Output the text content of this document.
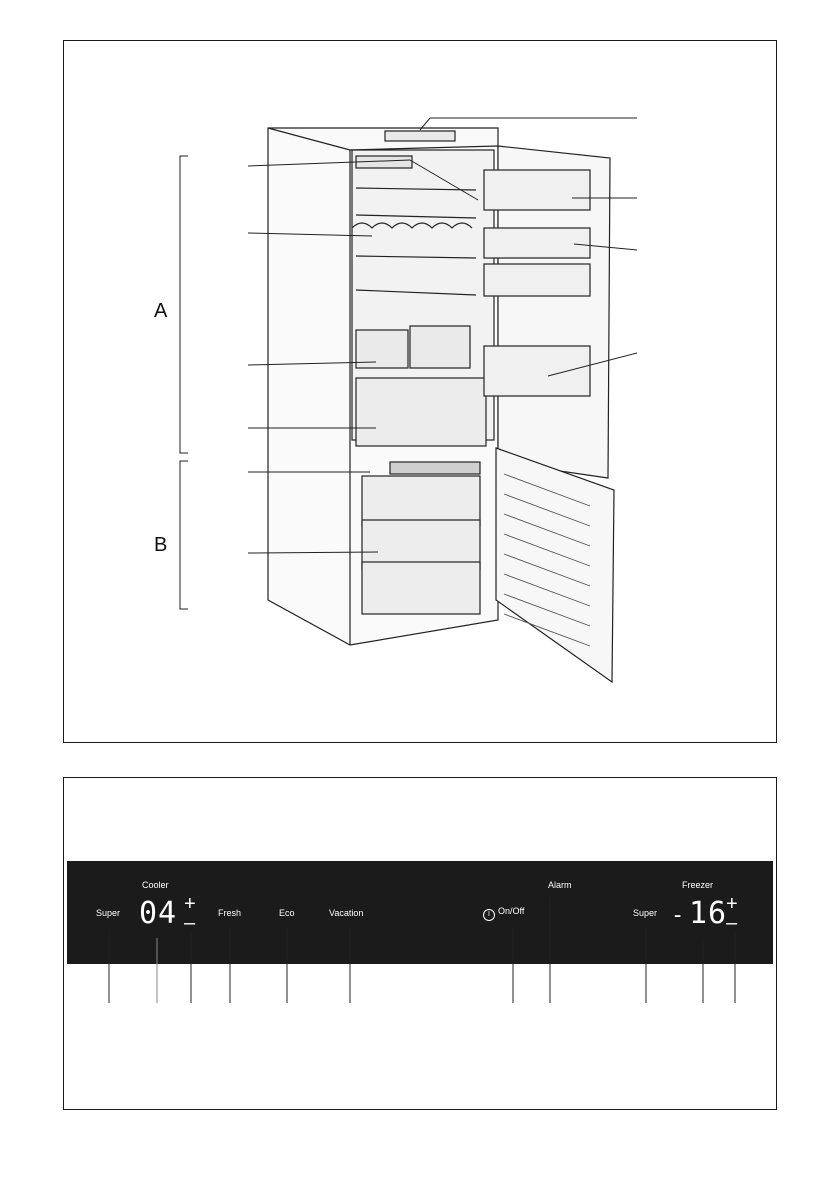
A
B
Cooler
Super 04 +
–	Fresh	Eco	Vacation	I On/Off
Alarm	Freezer
Super - 16
+
–
